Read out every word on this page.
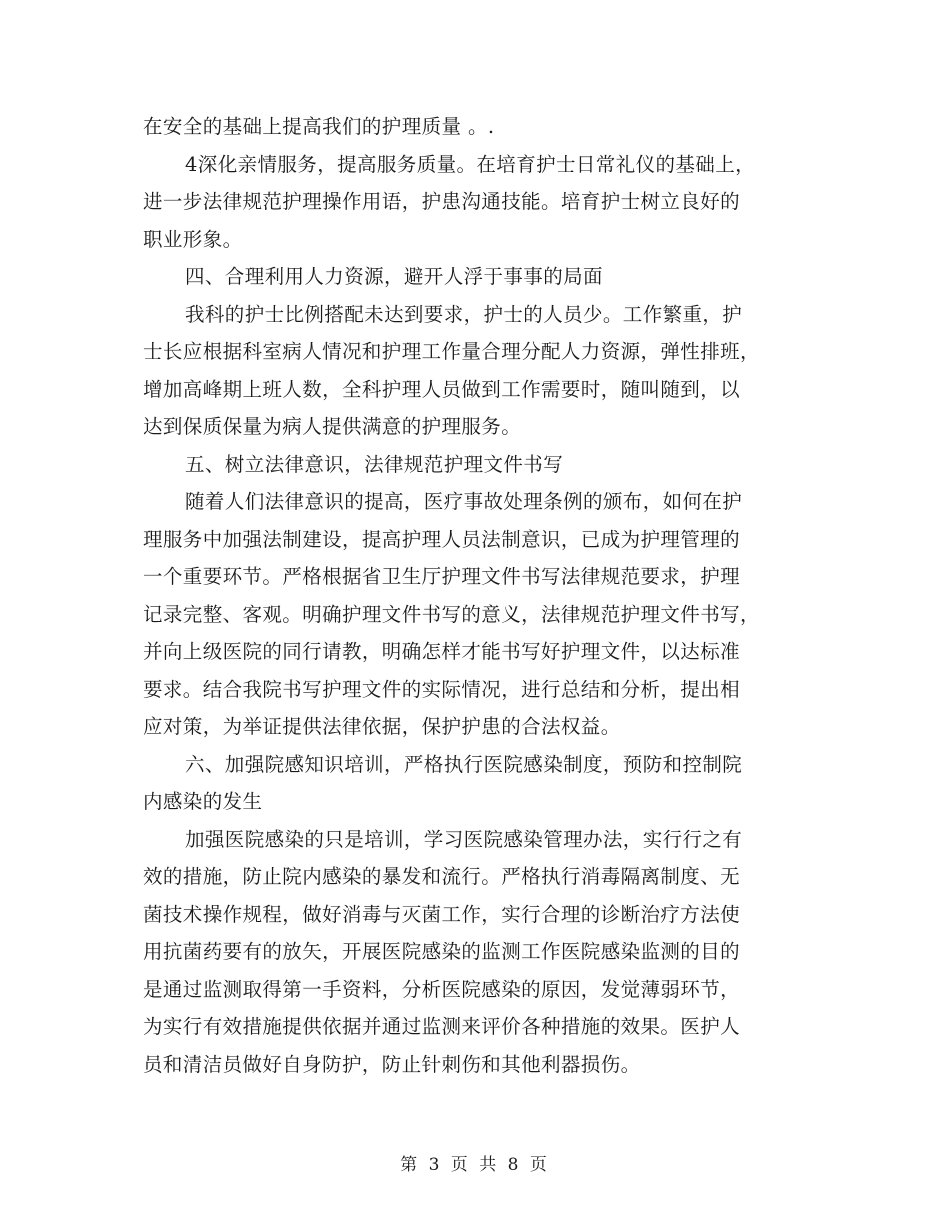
在安全的基础上提高我们的护理质量 。.
4深化亲情服务，提高服务质量。在培育护士日常礼仪的基础上，
进一步法律规范护理操作用语，护患沟通技能。培育护士树立良好的
职业形象。
四、合理利用人力资源，避开人浮于事事的局面
我科的护士比例搭配未达到要求，护士的人员少。工作繁重，护
士长应根据科室病人情况和护理工作量合理分配人力资源，弹性排班，
增加高峰期上班人数，全科护理人员做到工作需要时，随叫随到，以
达到保质保量为病人提供满意的护理服务。
五、树立法律意识，法律规范护理文件书写
随着人们法律意识的提高，医疗事故处理条例的颁布，如何在护
理服务中加强法制建设，提高护理人员法制意识，已成为护理管理的
一个重要环节。严格根据省卫生厅护理文件书写法律规范要求，护理
记录完整、客观。明确护理文件书写的意义，法律规范护理文件书写，
并向上级医院的同行请教，明确怎样才能书写好护理文件，以达标准
要求。结合我院书写护理文件的实际情况，进行总结和分析，提出相
应对策，为举证提供法律依据，保护护患的合法权益。
六、加强院感知识培训，严格执行医院感染制度，预防和控制院
内感染的发生
加强医院感染的只是培训，学习医院感染管理办法，实行行之有
效的措施，防止院内感染的暴发和流行。严格执行消毒隔离制度、无
菌技术操作规程，做好消毒与灭菌工作，实行合理的诊断治疗方法使
用抗菌药要有的放矢，开展医院感染的监测工作医院感染监测的目的
是通过监测取得第一手资料，分析医院感染的原因，发觉薄弱环节，
为实行有效措施提供依据并通过监测来评价各种措施的效果。医护人
员和清洁员做好自身防护，防止针刺伤和其他利器损伤。
第 3 页 共 8 页
